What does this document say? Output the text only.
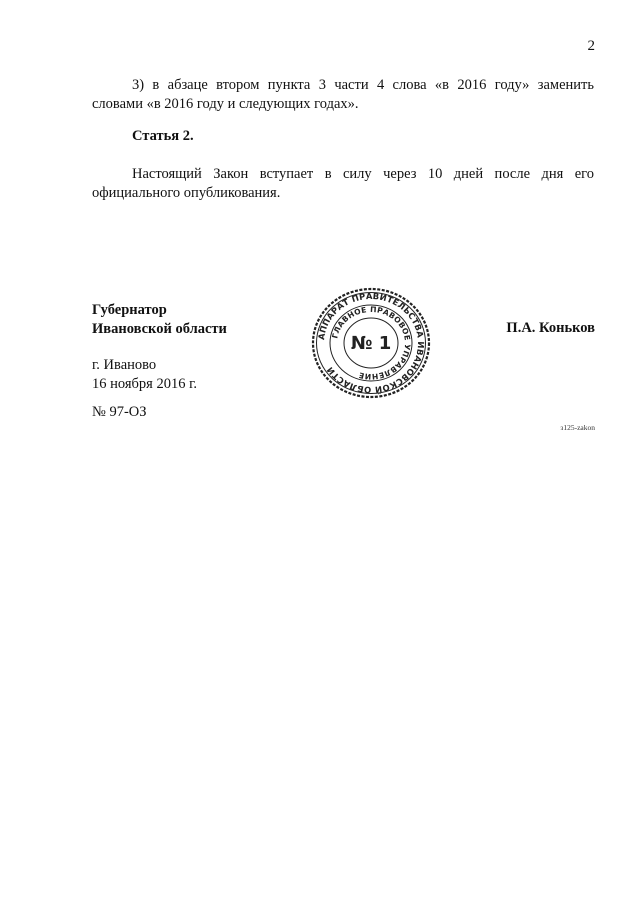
2
3) в абзаце втором пункта 3 части 4 слова «в 2016 году» заменить
словами «в 2016 году и следующих годах».
Статья 2.
Настоящий Закон вступает в силу через 10 дней после дня его
официального опубликования.
Губернатор
Ивановской области	АППАРАТ ПРАВИТЕЛЬСТВА ИВАНОВСКОЙ ОБЛАСТИ
ГЛАВНОЕ ПРАВОВОЕ УПРАВЛЕНИЕ
№ 1
П.А. Коньков
г. Иваново
16 ноября 2016 г.
№ 97-ОЗ
з125-zakon
